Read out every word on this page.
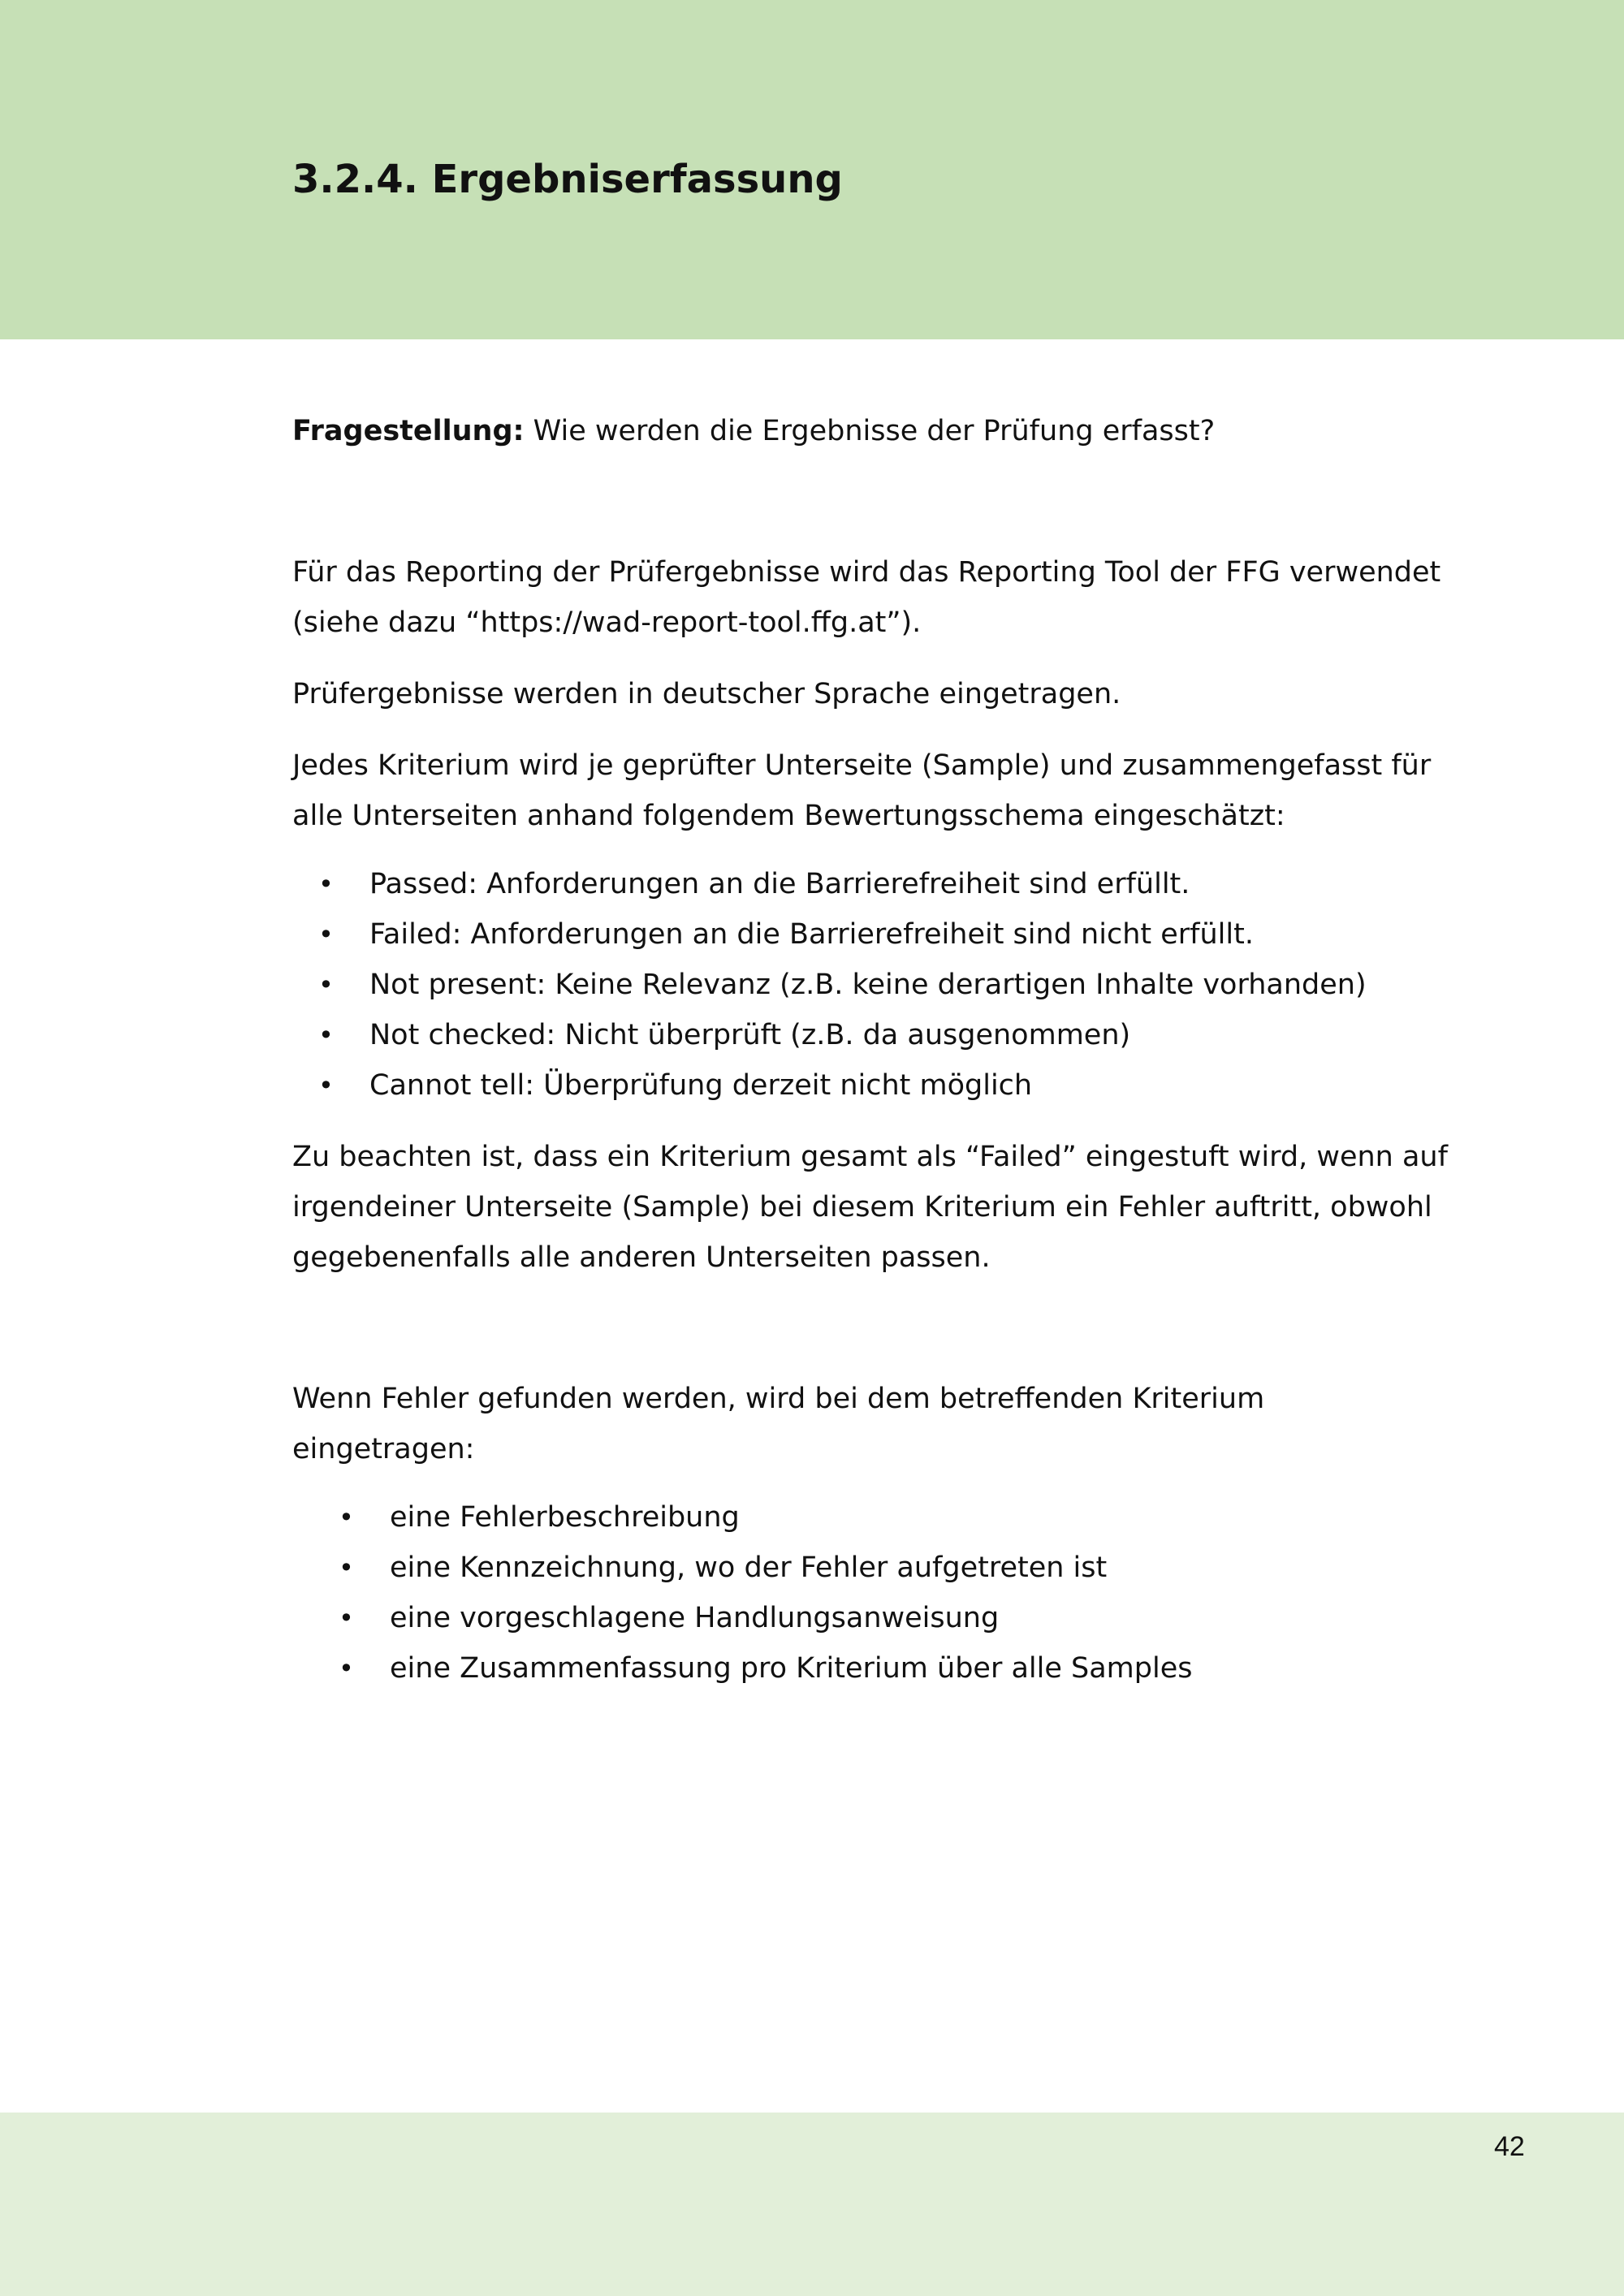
3.2.4. Ergebniserfassung

Fragestellung: Wie werden die Ergebnisse der Prüfung erfasst?

Für das Reporting der Prüfergebnisse wird das Reporting Tool der FFG verwendet

(siehe dazu “https://wad-report-tool.ffg.at”).

Prüfergebnisse werden in deutscher Sprache eingetragen.

Jedes Kriterium wird je geprüfter Unterseite (Sample) und zusammengefasst für

alle Unterseiten anhand folgendem Bewertungsschema eingeschätzt:

• Passed: Anforderungen an die Barrierefreiheit sind erfüllt.
• Failed: Anforderungen an die Barrierefreiheit sind nicht erfüllt.
• Not present: Keine Relevanz (z.B. keine derartigen Inhalte vorhanden)
• Not checked: Nicht überprüft (z.B. da ausgenommen)
• Cannot tell: Überprüfung derzeit nicht möglich

Zu beachten ist, dass ein Kriterium gesamt als “Failed” eingestuft wird, wenn auf

irgendeiner Unterseite (Sample) bei diesem Kriterium ein Fehler auftritt, obwohl

gegebenenfalls alle anderen Unterseiten passen.

Wenn Fehler gefunden werden, wird bei dem betreffenden Kriterium

eingetragen:

• eine Fehlerbeschreibung
• eine Kennzeichnung, wo der Fehler aufgetreten ist
• eine vorgeschlagene Handlungsanweisung
• eine Zusammenfassung pro Kriterium über alle Samples
42
